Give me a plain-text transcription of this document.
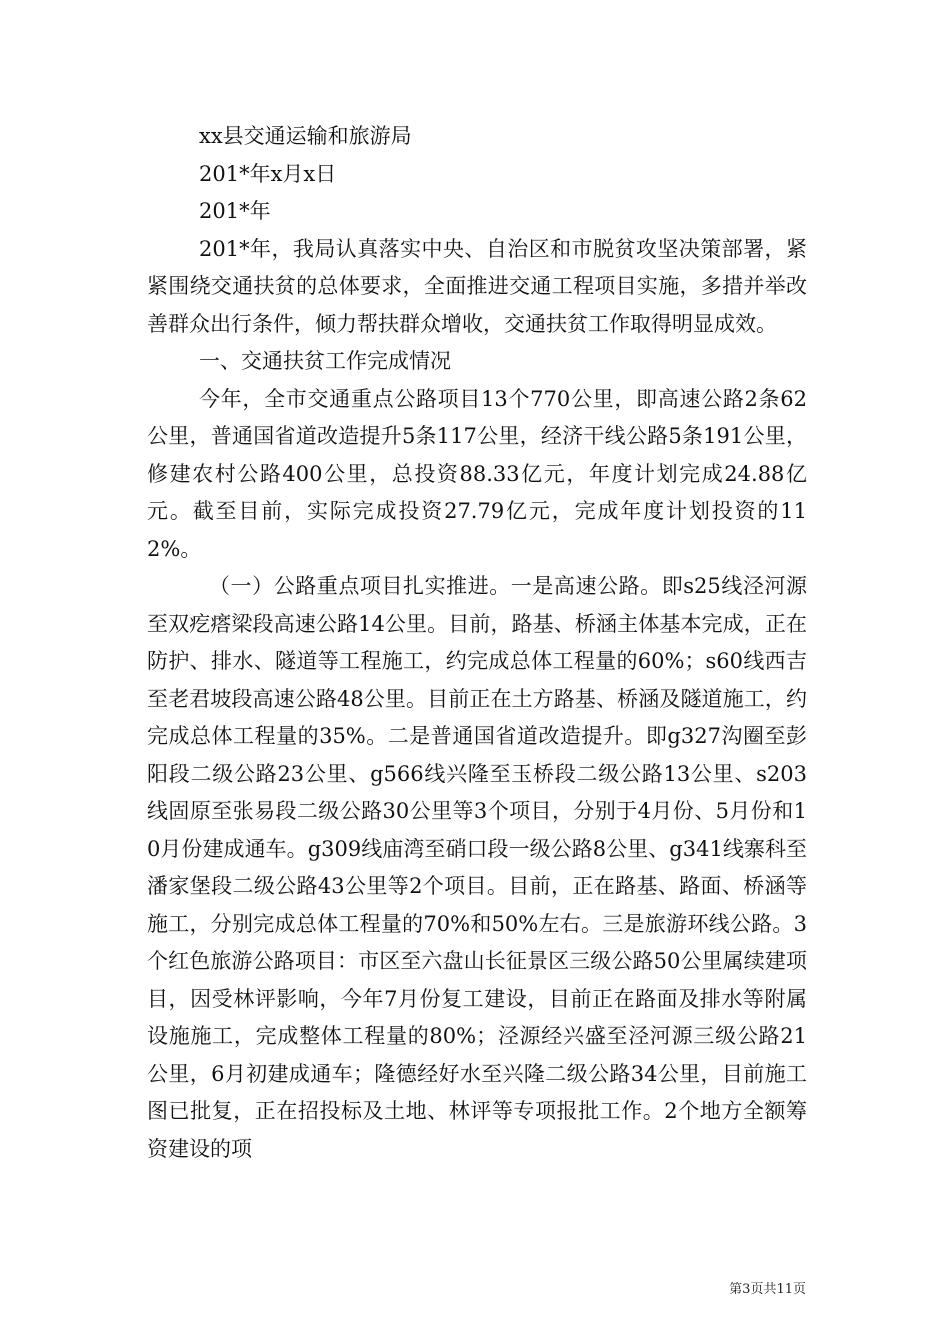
xx县交通运输和旅游局
201*年x月x日
201*年
201*年，我局认真落实中央、自治区和市脱贫攻坚决策部署，紧紧围绕交通扶贫的总体要求，全面推进交通工程项目实施，多措并举改善群众出行条件，倾力帮扶群众增收，交通扶贫工作取得明显成效。
一、交通扶贫工作完成情况
今年，全市交通重点公路项目13个770公里，即高速公路2条62公里，普通国省道改造提升5条117公里，经济干线公路5条191公里，修建农村公路400公里，总投资88.33亿元，年度计划完成24.88亿元。截至目前，实际完成投资27.79亿元，完成年度计划投资的112%。
（一）公路重点项目扎实推进。一是高速公路。即s25线泾河源至双疙瘩梁段高速公路14公里。目前，路基、桥涵主体基本完成，正在防护、排水、隧道等工程施工，约完成总体工程量的60%；s60线西吉至老君坡段高速公路48公里。目前正在土方路基、桥涵及隧道施工，约完成总体工程量的35%。二是普通国省道改造提升。即g327沟圈至彭阳段二级公路23公里、g566线兴隆至玉桥段二级公路13公里、s203线固原至张易段二级公路30公里等3个项目，分别于4月份、5月份和10月份建成通车。g309线庙湾至硝口段一级公路8公里、g341线寨科至潘家堡段二级公路43公里等2个项目。目前，正在路基、路面、桥涵等施工，分别完成总体工程量的70%和50%左右。三是旅游环线公路。3个红色旅游公路项目：市区至六盘山长征景区三级公路50公里属续建项目，因受林评影响，今年7月份复工建设，目前正在路面及排水等附属设施施工，完成整体工程量的80%；泾源经兴盛至泾河源三级公路21公里，6月初建成通车；隆德经好水至兴隆二级公路34公里，目前施工图已批复，正在招投标及土地、林评等专项报批工作。2个地方全额筹资建设的项
第3页共11页
